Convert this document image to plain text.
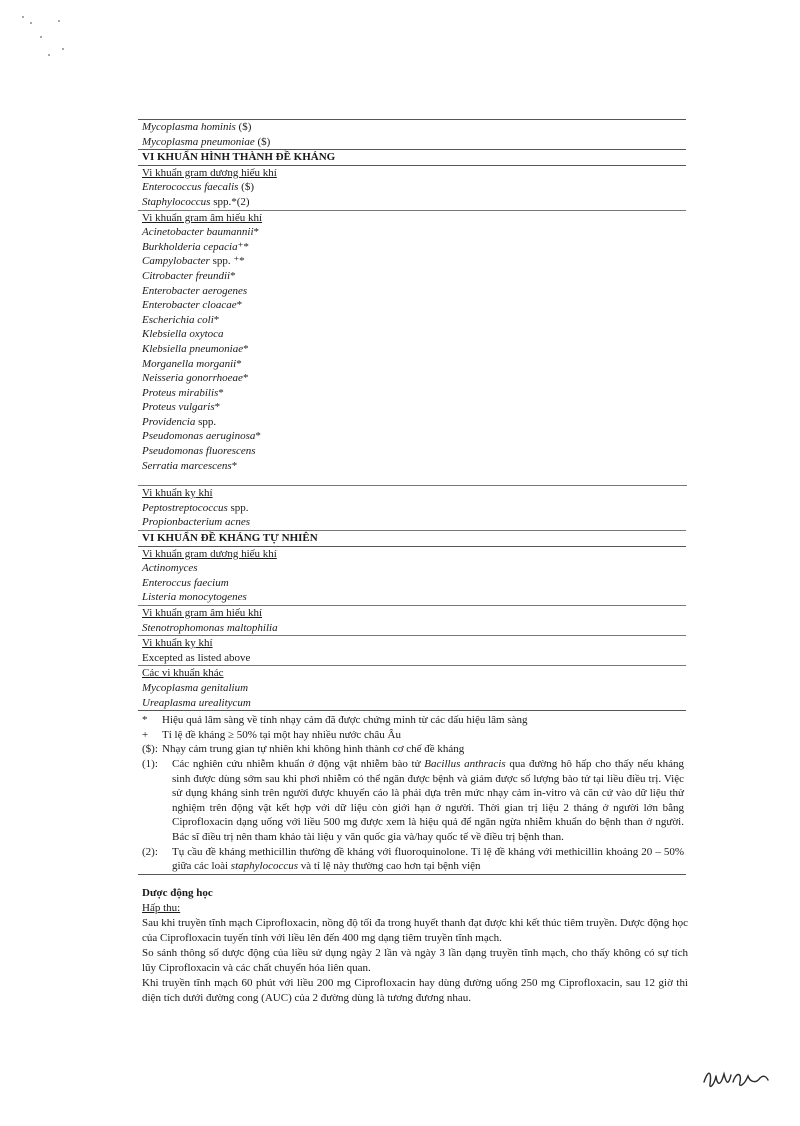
Mycoplasma hominis ($)
Mycoplasma pneumoniae ($)
VI KHUẨN HÌNH THÀNH ĐỀ KHÁNG
Vi khuẩn gram dương hiếu khí
Enterococcus faecalis ($)
Staphylococcus spp.*(2)
Vi khuẩn gram âm hiếu khí
Acinetobacter baumannii*
Burkholderia cepacia⁺*
Campylobacter spp. ⁺*
Citrobacter freundii*
Enterobacter aerogenes
Enterobacter cloacae*
Escherichia coli*
Klebsiella oxytoca
Klebsiella pneumoniae*
Morganella morganii*
Neisseria gonorrhoeae*
Proteus mirabilis*
Proteus vulgaris*
Providencia spp.
Pseudomonas aeruginosa*
Pseudomonas fluorescens
Serratia marcescens*
Vi khuẩn kỵ khí
Peptostreptococcus spp.
Propionbacterium acnes
VI KHUẨN ĐỀ KHÁNG TỰ NHIÊN
Vi khuẩn gram dương hiếu khí
Actinomyces
Enteroccus faecium
Listeria monocytogenes
Vi khuẩn gram âm hiếu khí
Stenotrophomonas maltophilia
Vi khuẩn kỵ khí
Excepted as listed above
Các vi khuẩn khác
Mycoplasma genitalium
Ureaplasma urealitycum
*	Hiệu quả lâm sàng về tính nhạy cảm đã được chứng minh từ các dấu hiệu lâm sàng
+	Tỉ lệ đề kháng ≥ 50% tại một hay nhiều nước châu Âu
($): Nhạy cảm trung gian tự nhiên khi không hình thành cơ chế đề kháng
(1):	Các nghiên cứu nhiễm khuẩn ở động vật nhiễm bào tử Bacillus anthracis qua đường hô hấp cho thấy nếu kháng sinh được dùng sớm sau khi phơi nhiễm có thể ngăn được bệnh và giảm được số lượng bào tử tại liều điều trị. Việc sử dụng kháng sinh trên người được khuyến cáo là phải dựa trên mức nhạy cảm in-vitro và căn cứ vào dữ liệu thử nghiệm trên động vật kết hợp với dữ liệu còn giới hạn ở người. Thời gian trị liệu 2 tháng ở người lớn bằng Ciprofloxacin dạng uống với liều 500 mg được xem là hiệu quả để ngăn ngừa nhiễm khuẩn do bệnh than ở người. Bác sĩ điều trị nên tham khảo tài liệu y văn quốc gia và/hay quốc tế về điều trị bệnh than.
(2):	Tụ cầu đề kháng methicillin thường đề kháng với fluoroquinolone. Tỉ lệ đề kháng với methicillin khoảng 20 – 50% giữa các loài staphylococcus và tỉ lệ này thường cao hơn tại bệnh viện

Dược động học

Hấp thu:

Sau khi truyền tĩnh mạch Ciprofloxacin, nồng độ tối đa trong huyết thanh đạt được khi kết thúc tiêm truyền. Dược động học của Ciprofloxacin tuyến tính với liều lên đến 400 mg dạng tiêm truyền tĩnh mạch.

So sánh thông số dược động của liều sử dụng ngày 2 lần và ngày 3 lần dạng truyền tĩnh mạch, cho thấy không có sự tích lũy Ciprofloxacin và các chất chuyển hóa liên quan.

Khi truyền tĩnh mạch 60 phút với liều 200 mg Ciprofloxacin hay dùng đường uống 250 mg Ciprofloxacin, sau 12 giờ thì diện tích dưới đường cong (AUC) của 2 đường dùng là tương đương nhau.
